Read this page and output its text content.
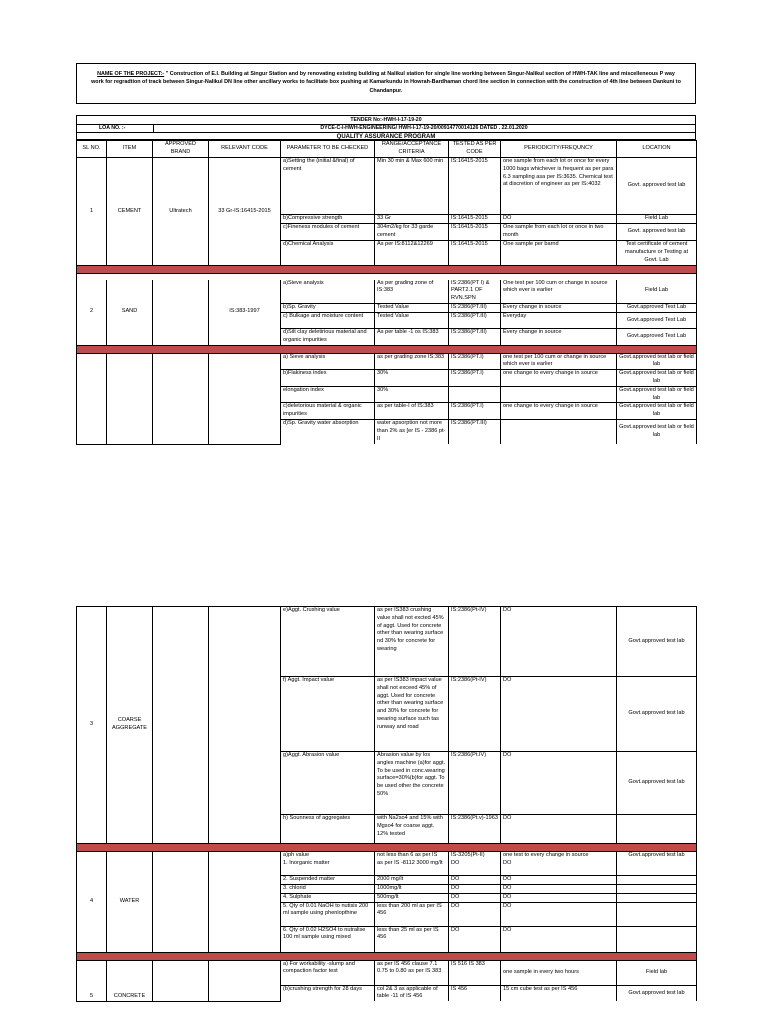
NAME OF THE PROJECT:- " Construction of E.I. Building at Singur Station and by renovating existing building at Nalikul station for single line working between Singur-Nalikul section of HWH-TAK line and miscelleneous P way work for regradtion of track between Singur-Nalikul DN line other ancillary works to facilitate box pushing at Kamarkundu in Howrah-Bardhaman chord line section in connection with the construction of 4th line between Dankuni to Chandanpur.
TENDER No:-HWH-I-17-19-20
LOA NO. :-	DYCE-C-I-HWH-ENGINEERING/ HWH-I-17-19-20/00914770014126 DATED . 22.01.2020
QUALITY ASSURANCE PROGRAM
SL NO.	ITEM	APPROVED BRAND	RELEVANT CODE	PARAMETER TO BE CHECKED	RANGE/ACCEPTANCE CRITERIA	TESTED AS PER CODE	PERIODICITY/FREQUNCY	LOCATION
1	CEMENT	Ultratech	33 Gr-IS:16415-2015	a)Setting the (initial &final) of cement	Min 30 min & Max 600 min	IS:16415-2015	one sample from each lot or once for every 1000 bags whichever is frequent as per para 6.3 sampling asa per IS:3635. Chemical test at discretion of engineer as per IS:4032	Govt. approved test lab
				b)Compressive strength	33 Gr	IS:16415-2015	DO	Field Lab
				c)Fineness modules of cement	304m2/kg for 33 garde cement	IS:16415-2015	One sample from each lot or once in two month	Govt. approved test lab
				d)Chemical Analysis	As per IS:8112&12269	IS:16415-2015	One sample per barnd	Test certificate of cement manufacture or Testing at Govt. Lab

2	SAND		IS:383-1997	a)Sieve analysis	As per grading zone of IS:383	IS:2386(PT I) & PART2.1 OF RVN.SPN	One test per 100 cum or change in source which ever is earlier	Field Lab
				b)Sp. Gravity	Tested Value	IS:2386(PT.III)	Every change in source	Govt.approved Test Lab
				c) Bulkage and moisture content	Tested Value	IS:2386(PT.III)	Everyday	Govt.approved Test Lab
				d)Silt clay deletirious material and organic impurities	As per table -1 os IS:383	IS:2386(PT.III)	Every change in source	Govt.approved Test Lab

				a) Sieve analysis	as per grading zone IS:383	IS:2386(PT.I)	one test per 100 cum or change in source which ever is earlier	Govt.approved test lab or field lab
				b)Flakiness index	30%	IS:2386(PT.I)	one change to every change in source	Govt.approved test lab or field lab
				elongation index	30%			Govt.approved test lab or field lab
				c)deletorious material & organic impurities	as per table-I of IS:383	IS:2386(PT.I)	one change to every change in source	Govt.approved test lab or field lab
				d)Sp. Gravity water absorption	water apsorption not more than 2% as [er IS - 2386 pt-II	IS:2386(PT.III)		Govt.approved test lab or field lab
3	COARSE AGGREGATE			e)Aggt. Crushing value	as per IS383 crushing value shall not excted 45% of aggt. Used for concrete other than wearing surface nd 30% for concrete for wearing	IS:2386(Pt-IV)	DO	Govt.approved test lab
				f) Aggt. Impact value	as per IS383 impact value shall not exceed 45% of aggt. Used for concrete other than wearing surface and 30% for concrete for wearing surface such tas runway and road	IS:2386(Pt-IV)	DO	Govt.approved test lab
				g)Aggt. Abrasion value	Abrasion value by los angles machine (a)for aggt. To be used in conc.wearing surface=30%(b)for aggt. To be used other the concrete 50%	IS:2386(Pt.IV)	DO	Govt.approved test lab
				h) Sounness of aggregates	with Na2so4 and 15% with Mgso4 for coarse aggt. 12% tested	IS:2386(Pt.v)-1963	DO	

4	WATER			a)ph value	not less than 6 as per IS	IS-3205(Pt-II)	one test to every change in source	Govt.approved test lab
				1. Inorganic matter	as per IS -8112 3000 mg/lt	DO	DO	
				2. Suspended matter	2000 mg/lt	DO	DO	
				3. chlorid	1000mg/lt	DO	DO	
				4. Sulphate	500mg/lt	DO	DO	
				5. Qty of 0.01 NaOH to nutisis 200 ml sample using phenlopthine	less than 200 ml as per IS 456	DO	DO	
				6. Qty of 0.02 H2SO4 to nutralise 100 ml sample using mixed	less than 25 ml as per IS 456	DO	DO	

5	CONCRETE			a) For workability -slump and compaction factor test	as per IS 456 clause 7.1 0.75 to 0.80 as per IS 383	IS 516 IS 383	one sample in every two hours	Field lab
				(b)crushing strength for 28 days	col 2& 3 as applicable of table -11 of IS 456	IS 456	15 cm cube test as per IS 456	Govt.approved test lab
